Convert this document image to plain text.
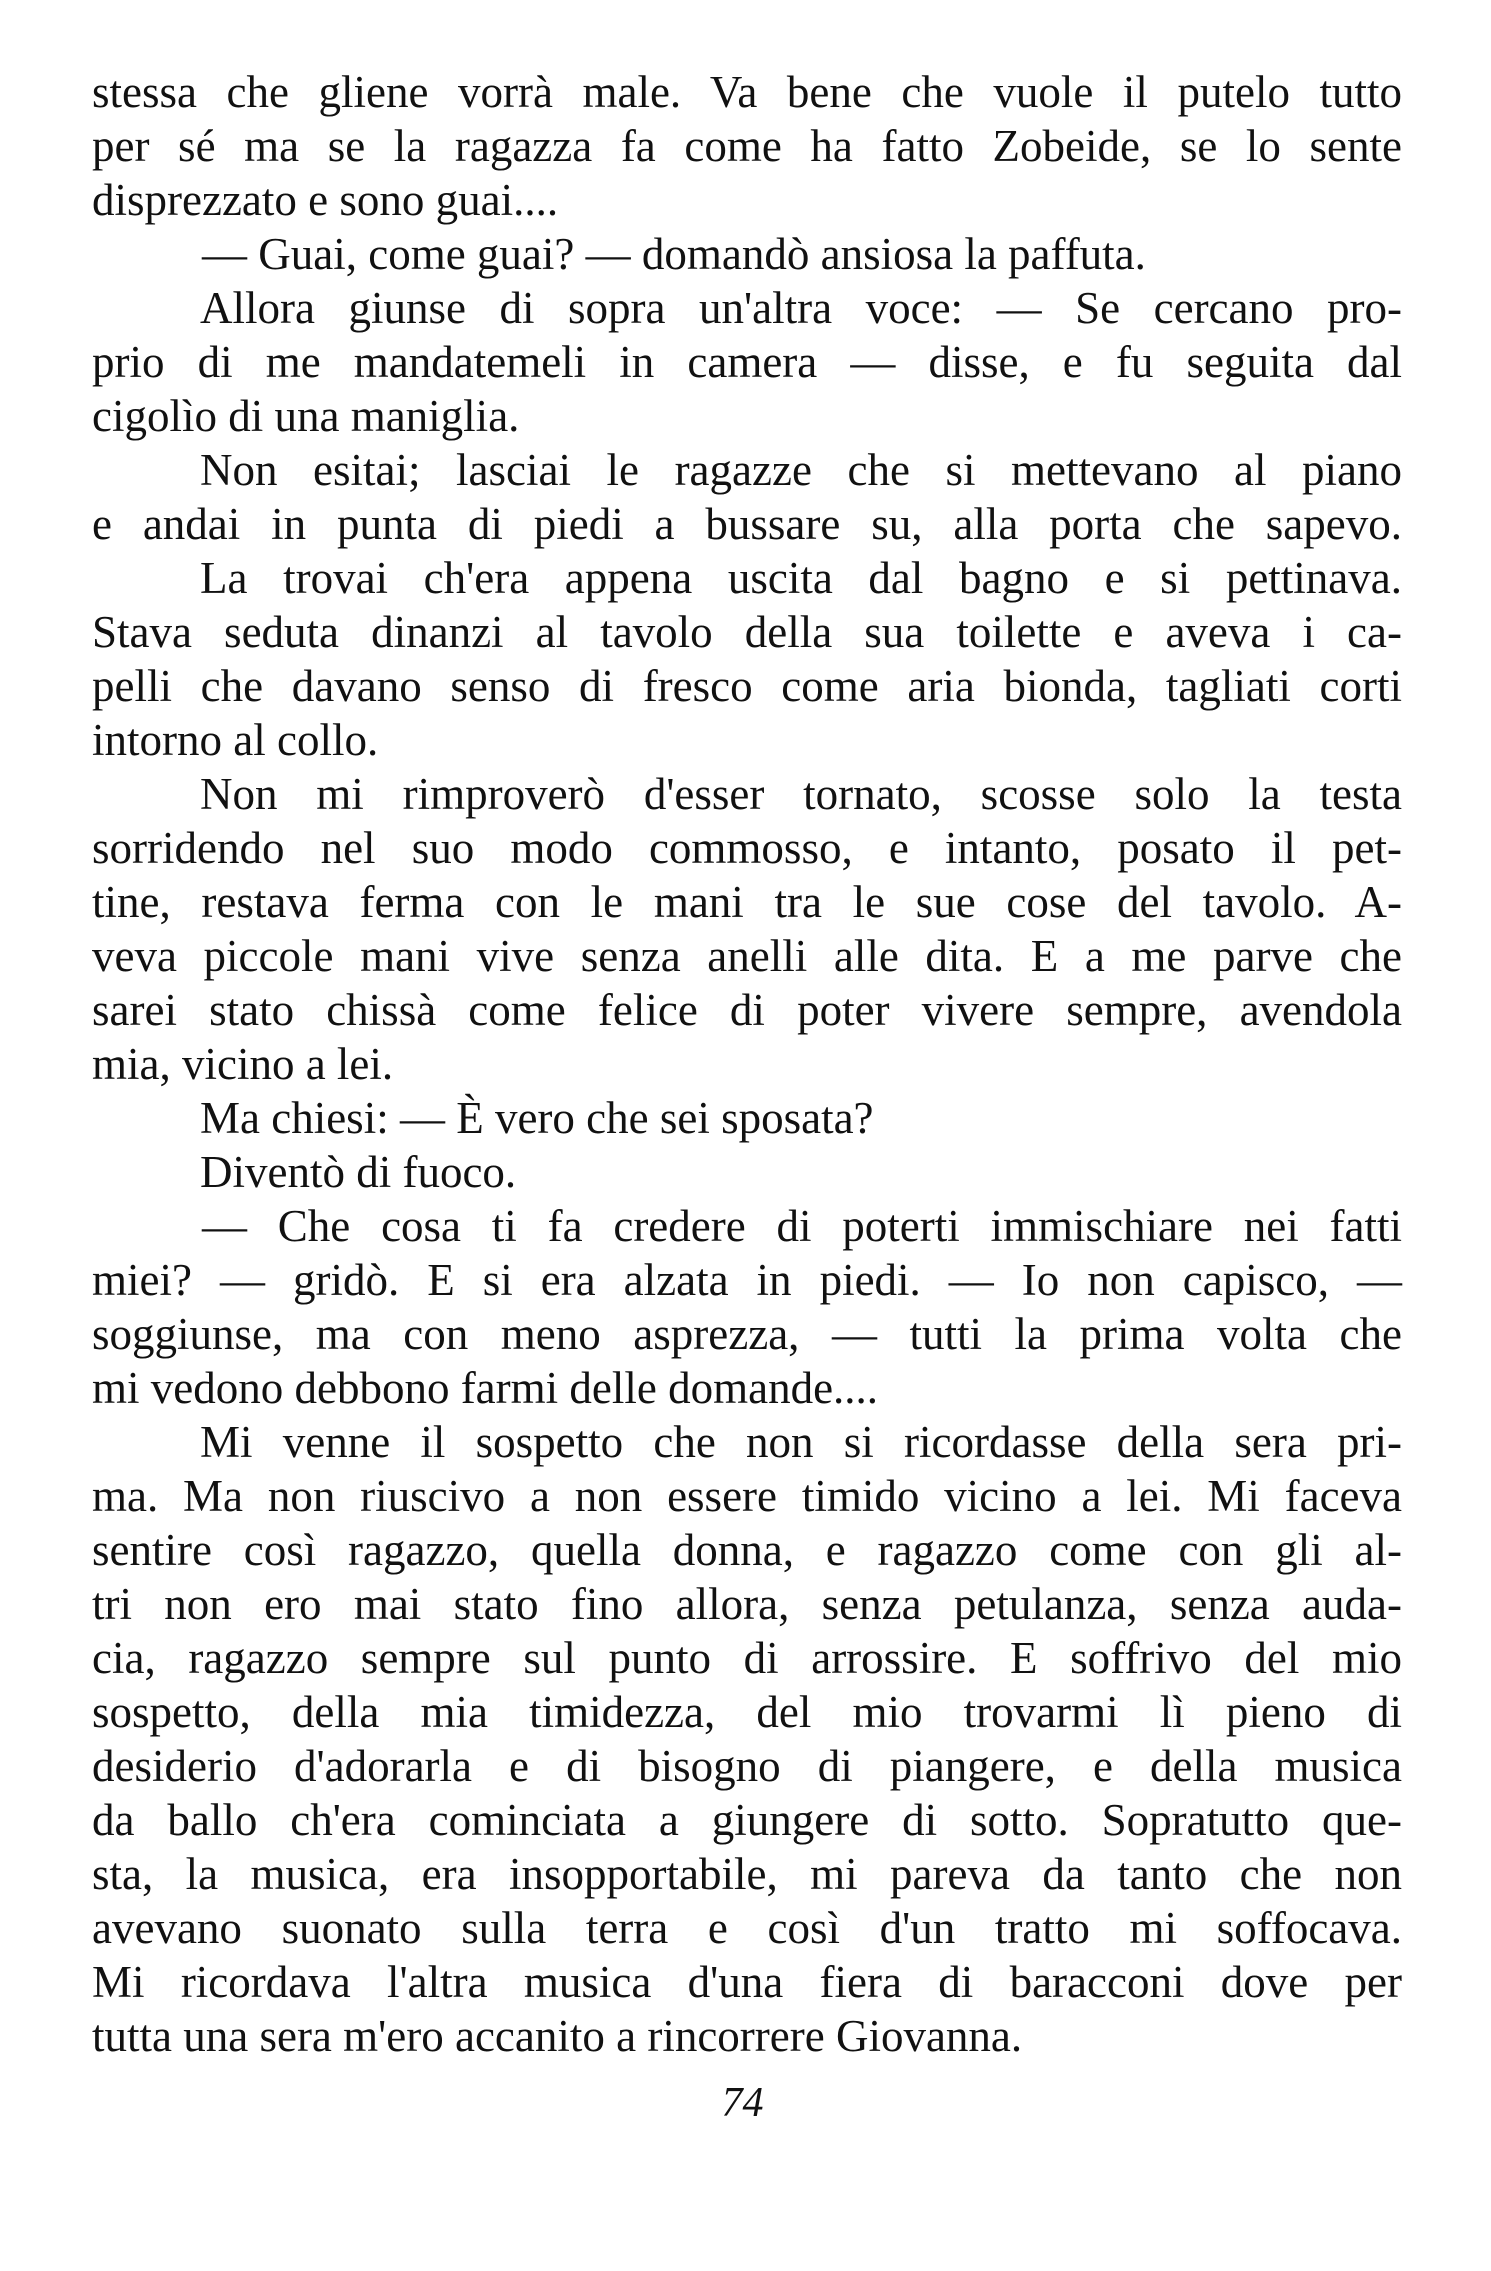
stessa che gliene vorrà male. Va bene che vuole il putelo tutto
per sé ma se la ragazza fa come ha fatto Zobeide, se lo sente
disprezzato e sono guai....
— Guai, come guai? — domandò ansiosa la paffuta.
Allora giunse di sopra un'altra voce: — Se cercano pro-
prio di me mandatemeli in camera — disse, e fu seguita dal
cigolìo di una maniglia.
Non esitai; lasciai le ragazze che si mettevano al piano
e andai in punta di piedi a bussare su, alla porta che sapevo.
La trovai ch'era appena uscita dal bagno e si pettinava.
Stava seduta dinanzi al tavolo della sua toilette e aveva i ca-
pelli che davano senso di fresco come aria bionda, tagliati corti
intorno al collo.
Non mi rimproverò d'esser tornato, scosse solo la testa
sorridendo nel suo modo commosso, e intanto, posato il pet-
tine, restava ferma con le mani tra le sue cose del tavolo. A-
veva piccole mani vive senza anelli alle dita. E a me parve che
sarei stato chissà come felice di poter vivere sempre, avendola
mia, vicino a lei.
Ma chiesi: — È vero che sei sposata?
Diventò di fuoco.
— Che cosa ti fa credere di poterti immischiare nei fatti
miei? — gridò. E si era alzata in piedi. — Io non capisco, —
soggiunse, ma con meno asprezza, — tutti la prima volta che
mi vedono debbono farmi delle domande....
Mi venne il sospetto che non si ricordasse della sera pri-
ma. Ma non riuscivo a non essere timido vicino a lei. Mi faceva
sentire così ragazzo, quella donna, e ragazzo come con gli al-
tri non ero mai stato fino allora, senza petulanza, senza auda-
cia, ragazzo sempre sul punto di arrossire. E soffrivo del mio
sospetto, della mia timidezza, del mio trovarmi lì pieno di
desiderio d'adorarla e di bisogno di piangere, e della musica
da ballo ch'era cominciata a giungere di sotto. Sopratutto que-
sta, la musica, era insopportabile, mi pareva da tanto che non
avevano suonato sulla terra e così d'un tratto mi soffocava.
Mi ricordava l'altra musica d'una fiera di baracconi dove per
tutta una sera m'ero accanito a rincorrere Giovanna.
74
